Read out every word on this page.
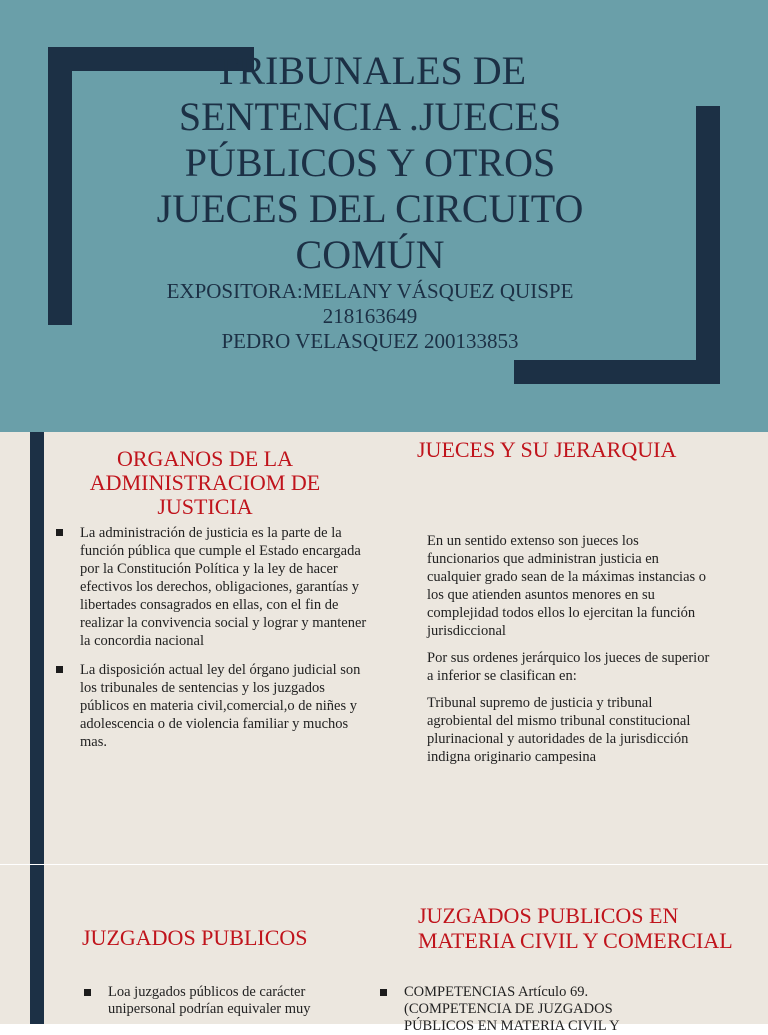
TRIBUNALES DE SENTENCIA .JUECES PÚBLICOS Y OTROS JUECES DEL CIRCUITO COMÚN
EXPOSITORA:MELANY VÁSQUEZ QUISPE
218163649
PEDRO VELASQUEZ 200133853
ORGANOS DE LA ADMINISTRACIOM DE JUSTICIA
JUECES Y SU JERARQUIA
La administración de justicia es la parte de la función pública que cumple el Estado encargada por la Constitución Política y la ley de hacer efectivos los derechos, obligaciones, garantías y libertades consagrados en ellas, con el fin de realizar la convivencia social y lograr y mantener la concordia nacional
La disposición actual ley del órgano judicial son los tribunales de sentencias y los juzgados públicos en materia civil,comercial,o de niñes y adolescencia o de violencia familiar y muchos mas.

En un sentido extenso son jueces los funcionarios que administran justicia en cualquier grado sean de la máximas instancias o los que atienden asuntos menores en su complejidad todos ellos lo ejercitan la función jurisdiccional

Por sus ordenes jerárquico los jueces de superior a inferior se clasifican en:

Tribunal supremo de justicia y tribunal agrobiental del mismo tribunal constitucional plurinacional y autoridades de la jurisdicción indigna originario campesina

JUZGADOS PUBLICOS
JUZGADOS PUBLICOS EN MATERIA CIVIL Y COMERCIAL
Loa juzgados públicos de carácter unipersonal podrían equivaler muy
COMPETENCIAS Artículo 69. (COMPETENCIA DE JUZGADOS PÚBLICOS EN MATERIA CIVIL Y
